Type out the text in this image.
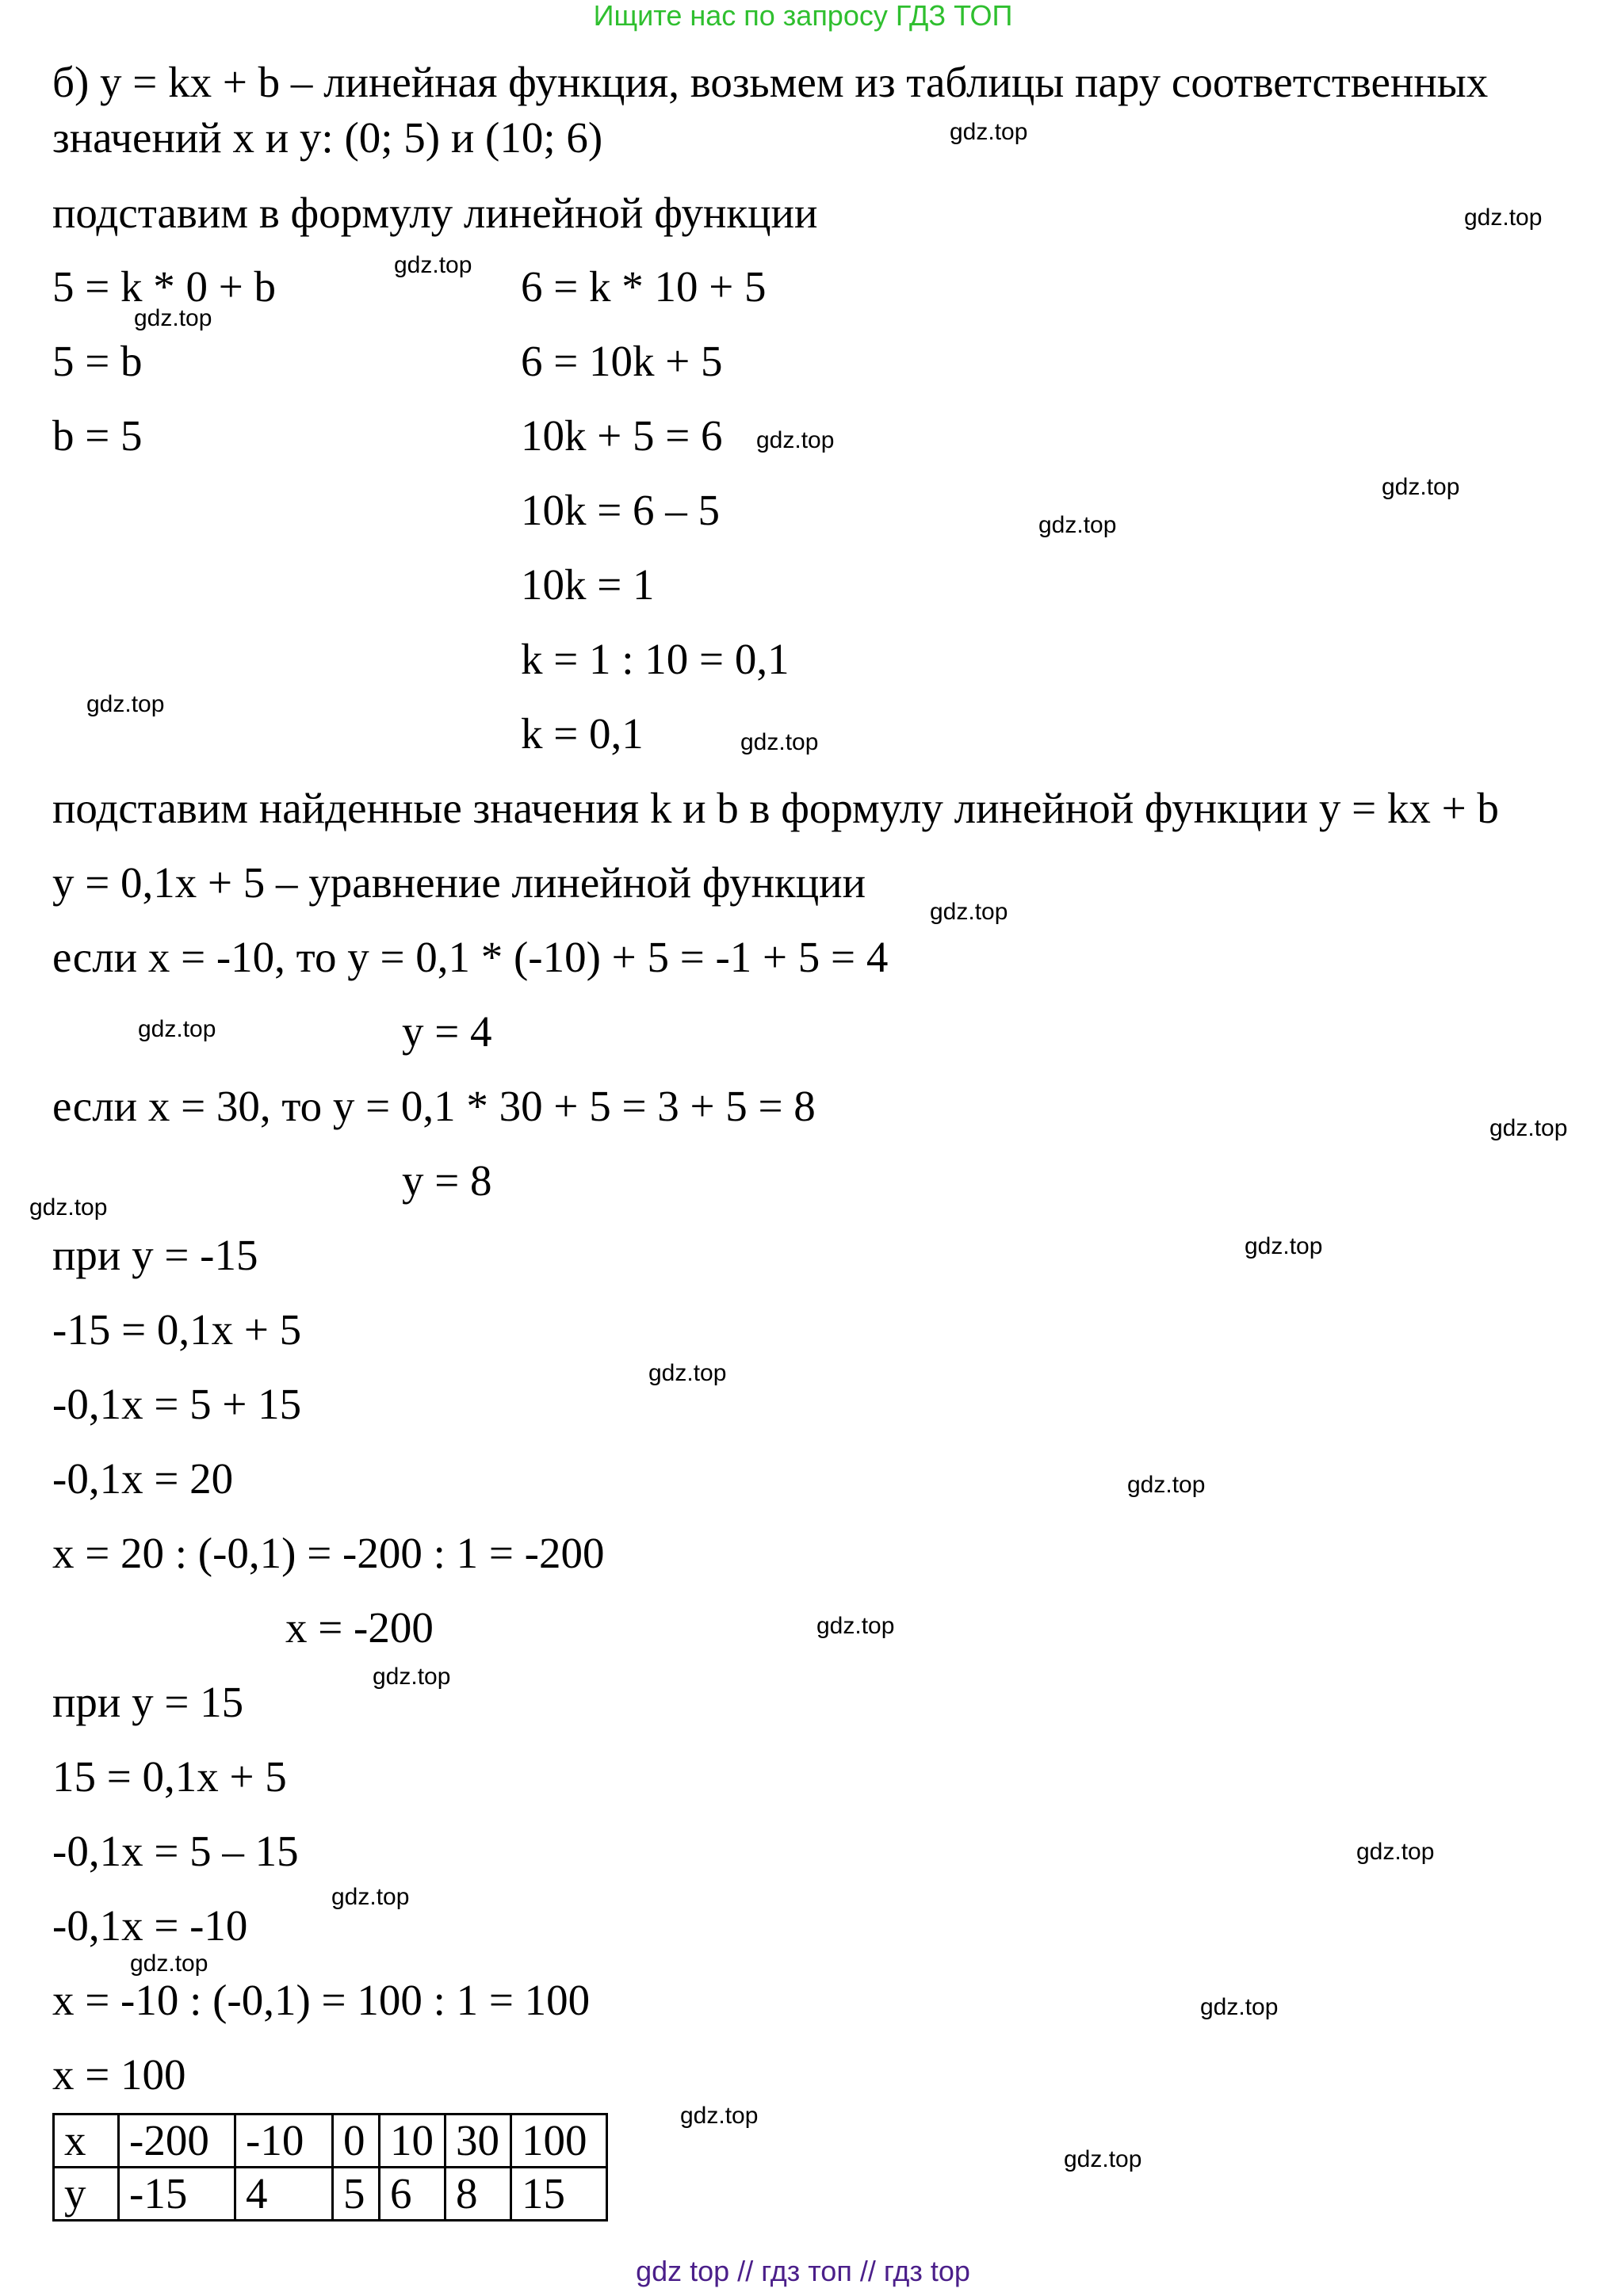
Ищите нас по запросу ГДЗ ТОП
б) y = kx + b – линейная функция, возьмем из таблицы пару соответственных
значений x и y: (0; 5) и (10; 6)
подставим в формулу линейной функции
5 = k * 0 + b
5 = b
b = 5
6 = k * 10 + 5
6 = 10k + 5
10k + 5 = 6
10k = 6 – 5
10k = 1
k = 1 : 10 = 0,1
k = 0,1
подставим найденные значения k и b в формулу линейной функции y = kx + b
y = 0,1x + 5 – уравнение линейной функции
если x = -10, то y = 0,1 * (-10) + 5 = -1 + 5 = 4
y = 4
если x = 30, то y = 0,1 * 30 + 5 = 3 + 5 = 8
y = 8
при y = -15
-15 = 0,1x + 5
-0,1x = 5 + 15
-0,1x = 20
x = 20 : (-0,1) = -200 : 1 = -200
x = -200
при y = 15
15 = 0,1x + 5
-0,1x = 5 – 15
-0,1x = -10
x = -10 : (-0,1) = 100 : 1 = 100
x = 100
gdz.top
gdz.top
gdz.top
gdz.top
gdz.top
gdz.top
gdz.top
gdz.top
gdz.top
gdz.top
gdz.top
gdz.top
gdz.top
gdz.top
gdz.top
gdz.top
gdz.top
gdz.top
gdz.top
gdz.top
gdz.top
gdz.top
gdz.top
gdz.top
x	-200	-10	0	10	30	100
y	-15	4	5	6	8	15
gdz top // гдз топ // гдз top
